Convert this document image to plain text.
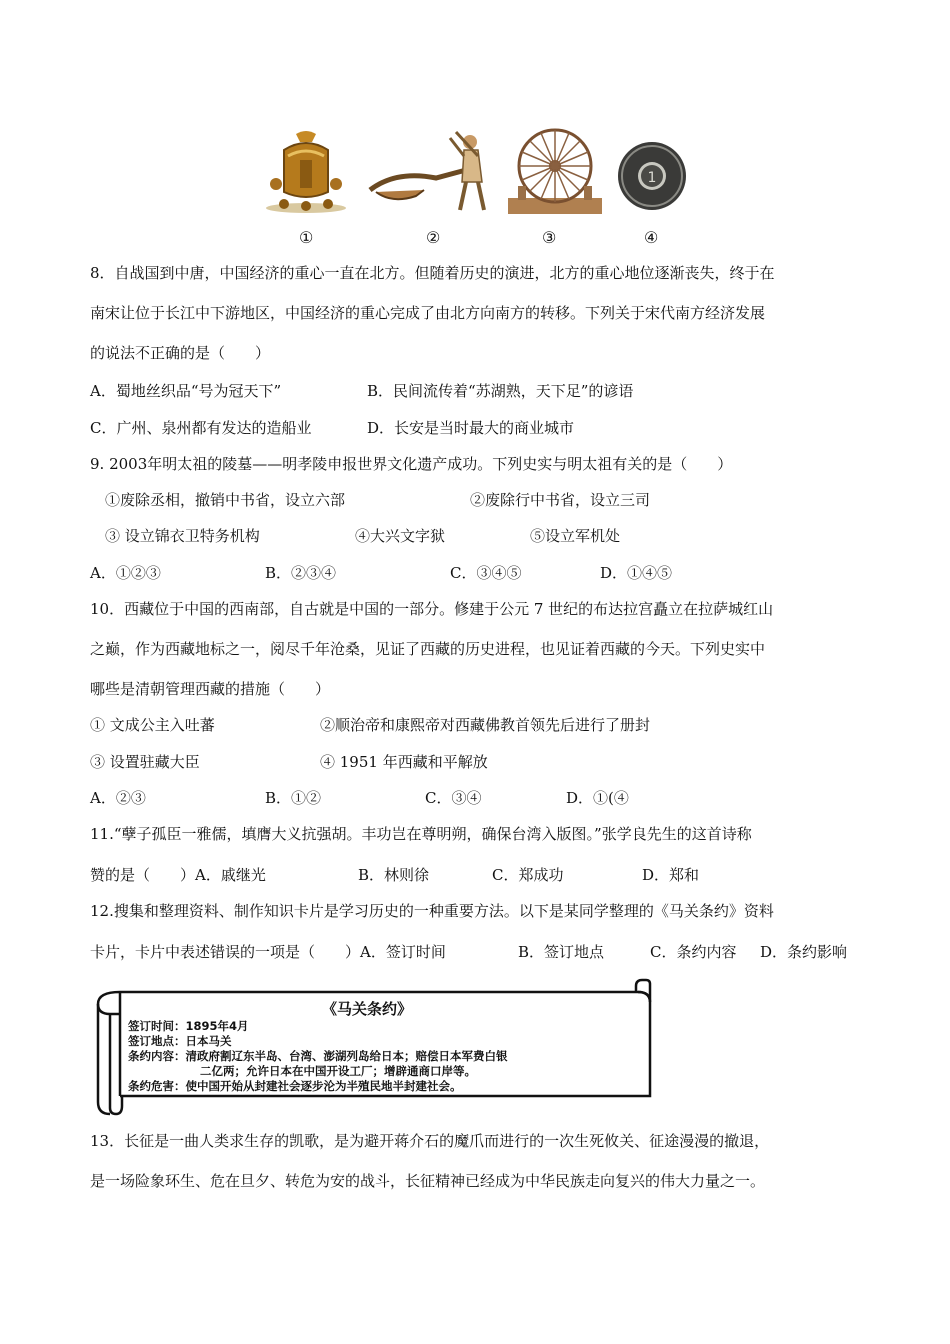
1
①	②	③	④
8．自战国到中唐，中国经济的重心一直在北方。但随着历史的演进，北方的重心地位逐渐丧失，终于在
南宋让位于长江中下游地区，中国经济的重心完成了由北方向南方的转移。下列关于宋代南方经济发展
的说法不正确的是（　　）
A．蜀地丝织品“号为冠天下”	B．民间流传着“苏湖熟，天下足”的谚语
C．广州、泉州都有发达的造船业	D．长安是当时最大的商业城市
9. 2003年明太祖的陵墓——明孝陵申报世界文化遗产成功。下列史实与明太祖有关的是（　　）
①废除丞相，撤销中书省，设立六部	②废除行中书省，设立三司
③ 设立锦衣卫特务机构	④大兴文字狱	⑤设立军机处
A．①②③	B．②③④	C．③④⑤	D．①④⑤
10．西藏位于中国的西南部，自古就是中国的一部分。修建于公元 7 世纪的布达拉宫矗立在拉萨城红山
之巅，作为西藏地标之一，阅尽千年沧桑，见证了西藏的历史进程，也见证着西藏的今天。下列史实中
哪些是清朝管理西藏的措施（　　）
① 文成公主入吐蕃	②顺治帝和康熙帝对西藏佛教首领先后进行了册封
③ 设置驻藏大臣	④ 1951 年西藏和平解放
A．②③	B．①②	C．③④	D．①(④
11.“孽子孤臣一雅儒，填膺大义抗强胡。丰功岂在尊明朔，确保台湾入版图。”张学良先生的这首诗称
赞的是（　　）A．戚继光	B．林则徐	C．郑成功	D．郑和
12.搜集和整理资料、制作知识卡片是学习历史的一种重要方法。以下是某同学整理的《马关条约》资料
卡片，卡片中表述错误的一项是（　　）A．签订时间	B．签订地点	C．条约内容 D．条约影响
《马关条约》
签订时间：1895年4月
签订地点：日本马关
条约内容：清政府割辽东半岛、台湾、澎湖列岛给日本；赔偿日本军费白银
二亿两；允许日本在中国开设工厂；增辟通商口岸等。
条约危害：使中国开始从封建社会逐步沦为半殖民地半封建社会。
13．长征是一曲人类求生存的凯歌，是为避开蒋介石的魔爪而进行的一次生死攸关、征途漫漫的撤退，
是一场险象环生、危在旦夕、转危为安的战斗，长征精神已经成为中华民族走向复兴的伟大力量之一。
